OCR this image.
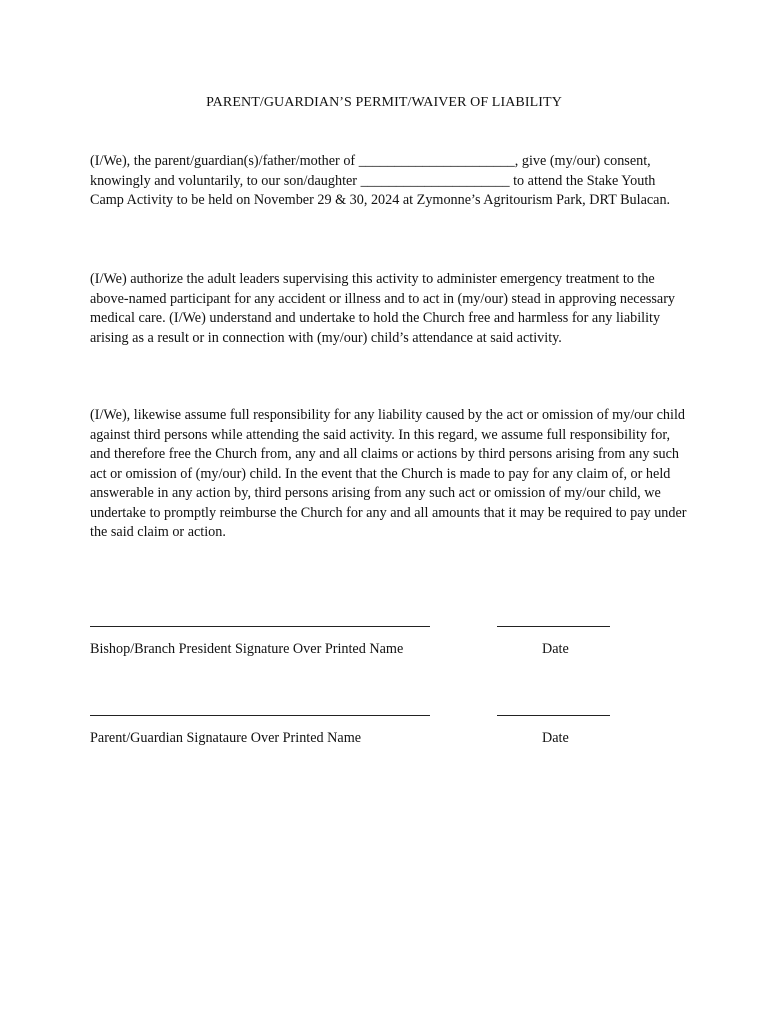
PARENT/GUARDIAN’S PERMIT/WAIVER OF LIABILITY

(I/We), the parent/guardian(s)/father/mother of ______________________, give (my/our) consent, knowingly and voluntarily, to our son/daughter _____________________ to attend the Stake Youth Camp Activity to be held on November 29 & 30, 2024 at Zymonne’s Agritourism Park, DRT Bulacan.

(I/We) authorize the adult leaders supervising this activity to administer emergency treatment to the above-named participant for any accident or illness and to act in (my/our) stead in approving necessary medical care. (I/We) understand and undertake to hold the Church free and harmless for any liability arising as a result or in connection with (my/our) child’s attendance at said activity.

(I/We), likewise assume full responsibility for any liability caused by the act or omission of my/our child against third persons while attending the said activity. In this regard, we assume full responsibility for, and therefore free the Church from, any and all claims or actions by third persons arising from any such act or omission of (my/our) child. In the event that the Church is made to pay for any claim of, or held answerable in any action by, third persons arising from any such act or omission of my/our child, we undertake to promptly reimburse the Church for any and all amounts that it may be required to pay under the said claim or action.

Bishop/Branch President Signature Over Printed Name	Date
Parent/Guardian Signataure Over Printed Name	Date
